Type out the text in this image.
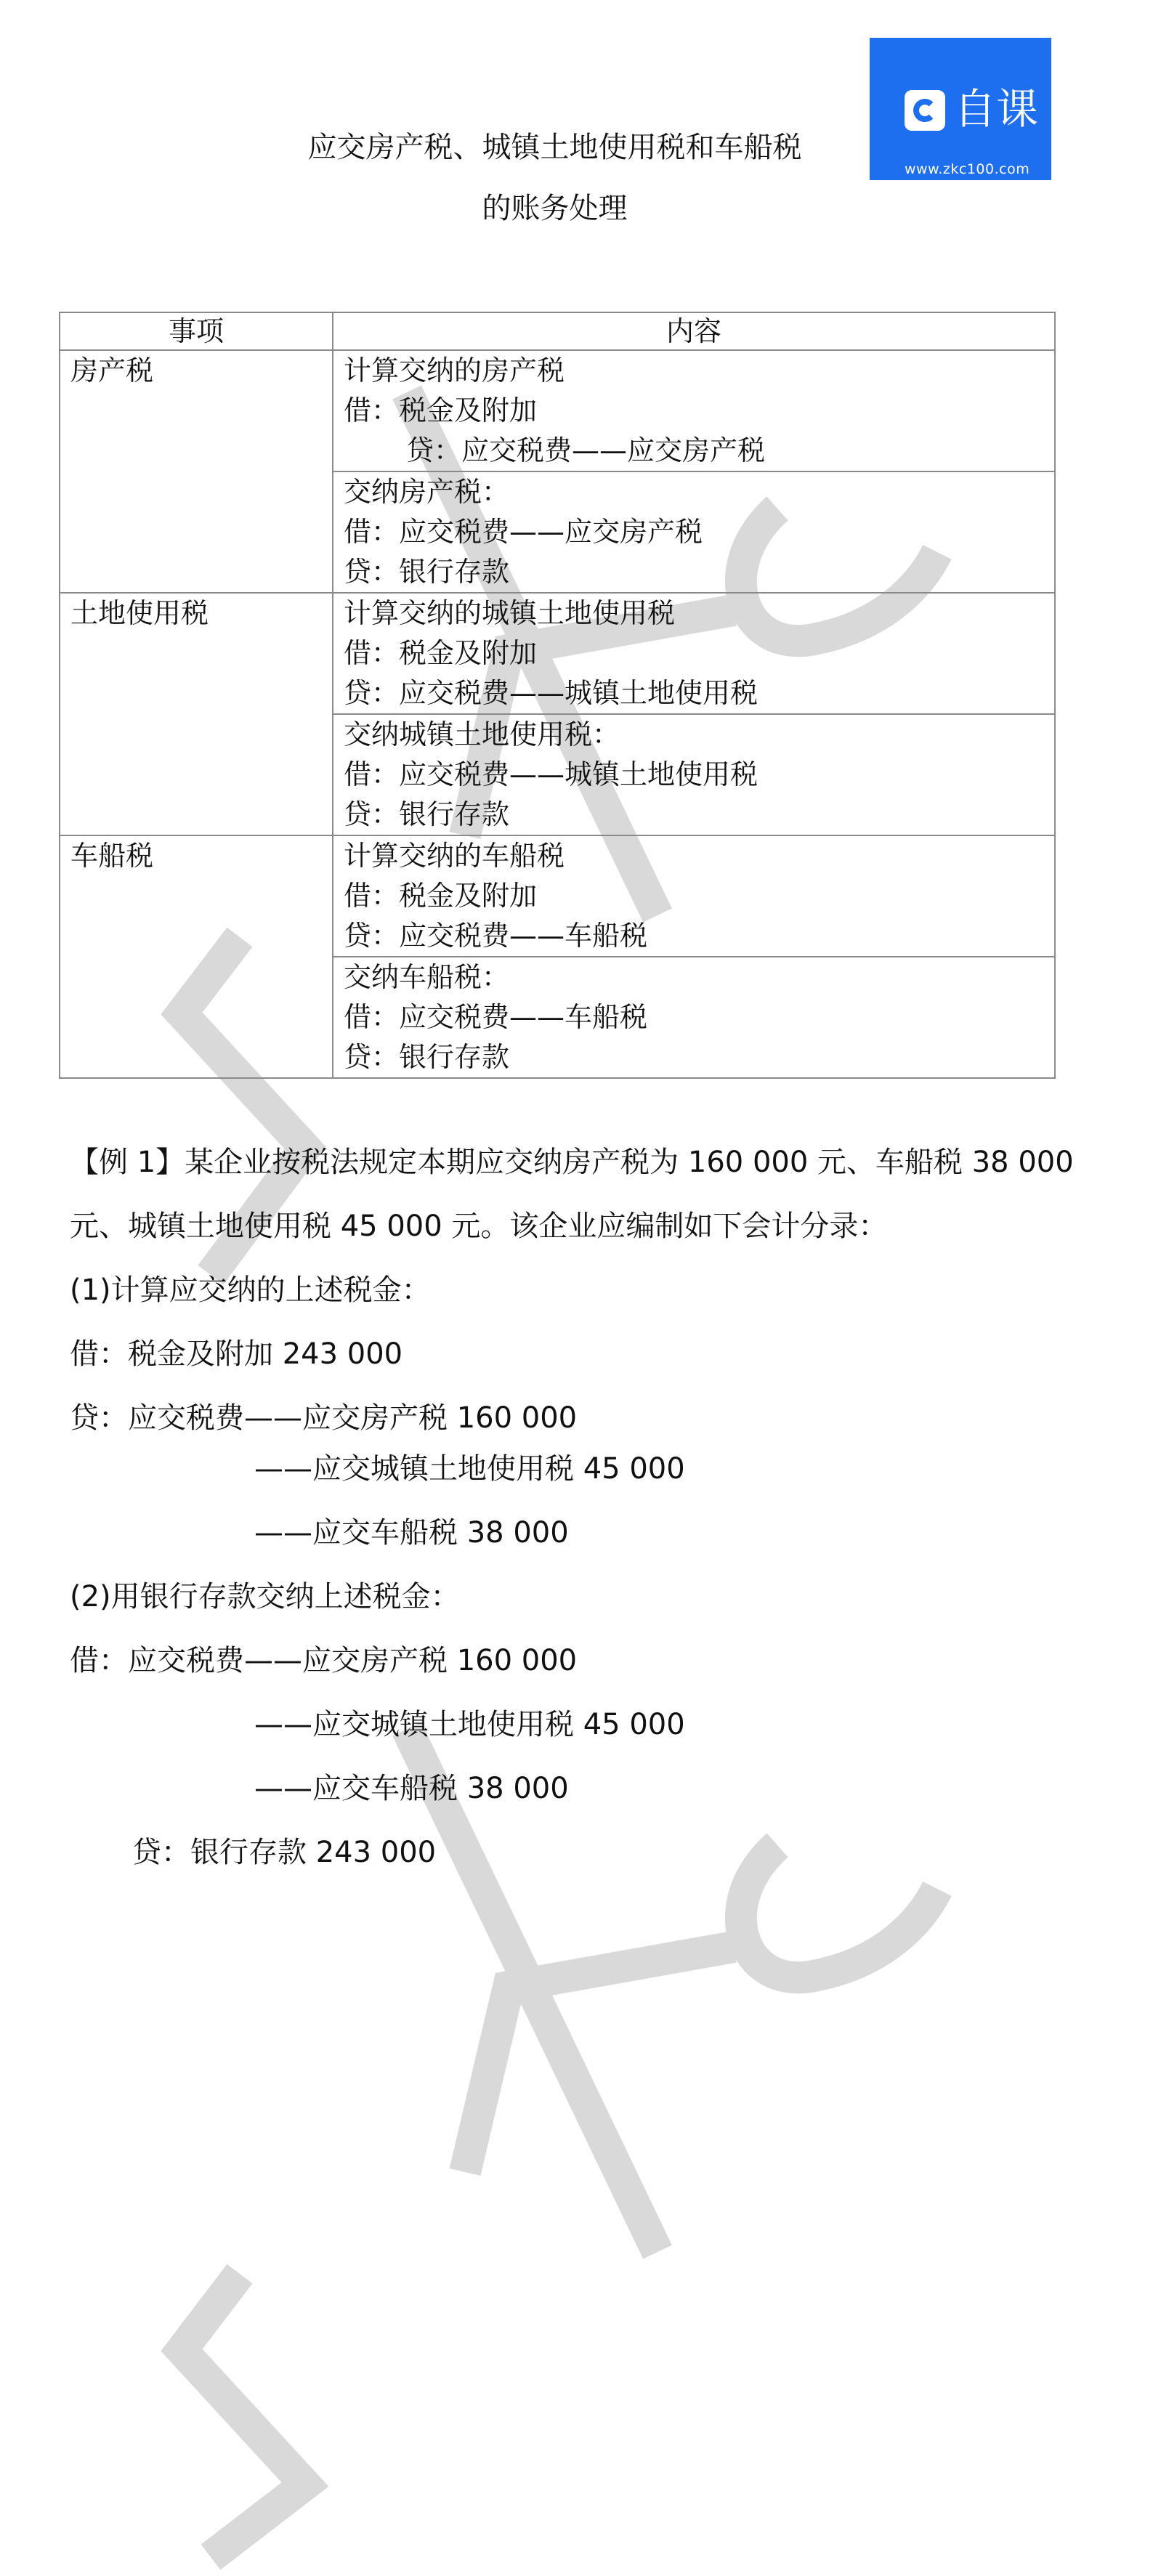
自课
www.zkc100.com
应交房产税、城镇土地使用税和车船税
的账务处理
事项	内容
房产税	计算交纳的房产税
借：税金及附加
贷：应交税费——应交房产税

	交纳房产税：
借：应交税费——应交房产税
贷：银行存款

土地使用税	计算交纳的城镇土地使用税
借：税金及附加
贷：应交税费——城镇土地使用税

	交纳城镇土地使用税：
借：应交税费——城镇土地使用税
贷：银行存款

车船税	计算交纳的车船税
借：税金及附加
贷：应交税费——车船税

	交纳车船税：
借：应交税费——车船税
贷：银行存款
【例 1】某企业按税法规定本期应交纳房产税为 160 000 元、车船税 38 000
元、城镇土地使用税 45 000 元。该企业应编制如下会计分录：
(1)计算应交纳的上述税金：
借：税金及附加 243 000
贷：应交税费——应交房产税 160 000
——应交城镇土地使用税 45 000
——应交车船税 38 000
(2)用银行存款交纳上述税金：
借：应交税费——应交房产税 160 000
——应交城镇土地使用税 45 000
——应交车船税 38 000
贷：银行存款 243 000
